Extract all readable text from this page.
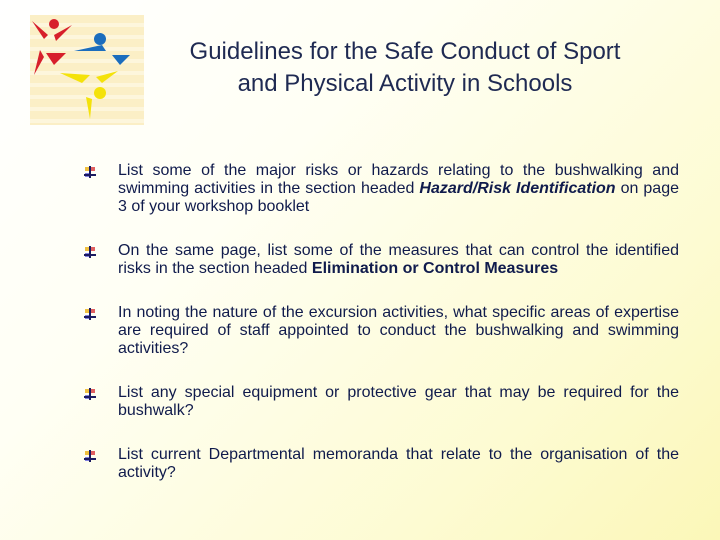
Guidelines for the Safe Conduct of Sport
and Physical Activity in Schools
List some of the major risks or hazards relating to the bushwalking and swimming activities in the section headed Hazard/Risk Identification on page 3 of your workshop booklet
On the same page, list some of the measures that can control the identified risks in the section headed Elimination or Control Measures
In noting the nature of the excursion activities, what specific areas of expertise are required of staff appointed to conduct the bushwalking and swimming activities?
List any special equipment or protective gear that may be required for the bushwalk?
List current Departmental memoranda that relate to the organisation of the activity?
